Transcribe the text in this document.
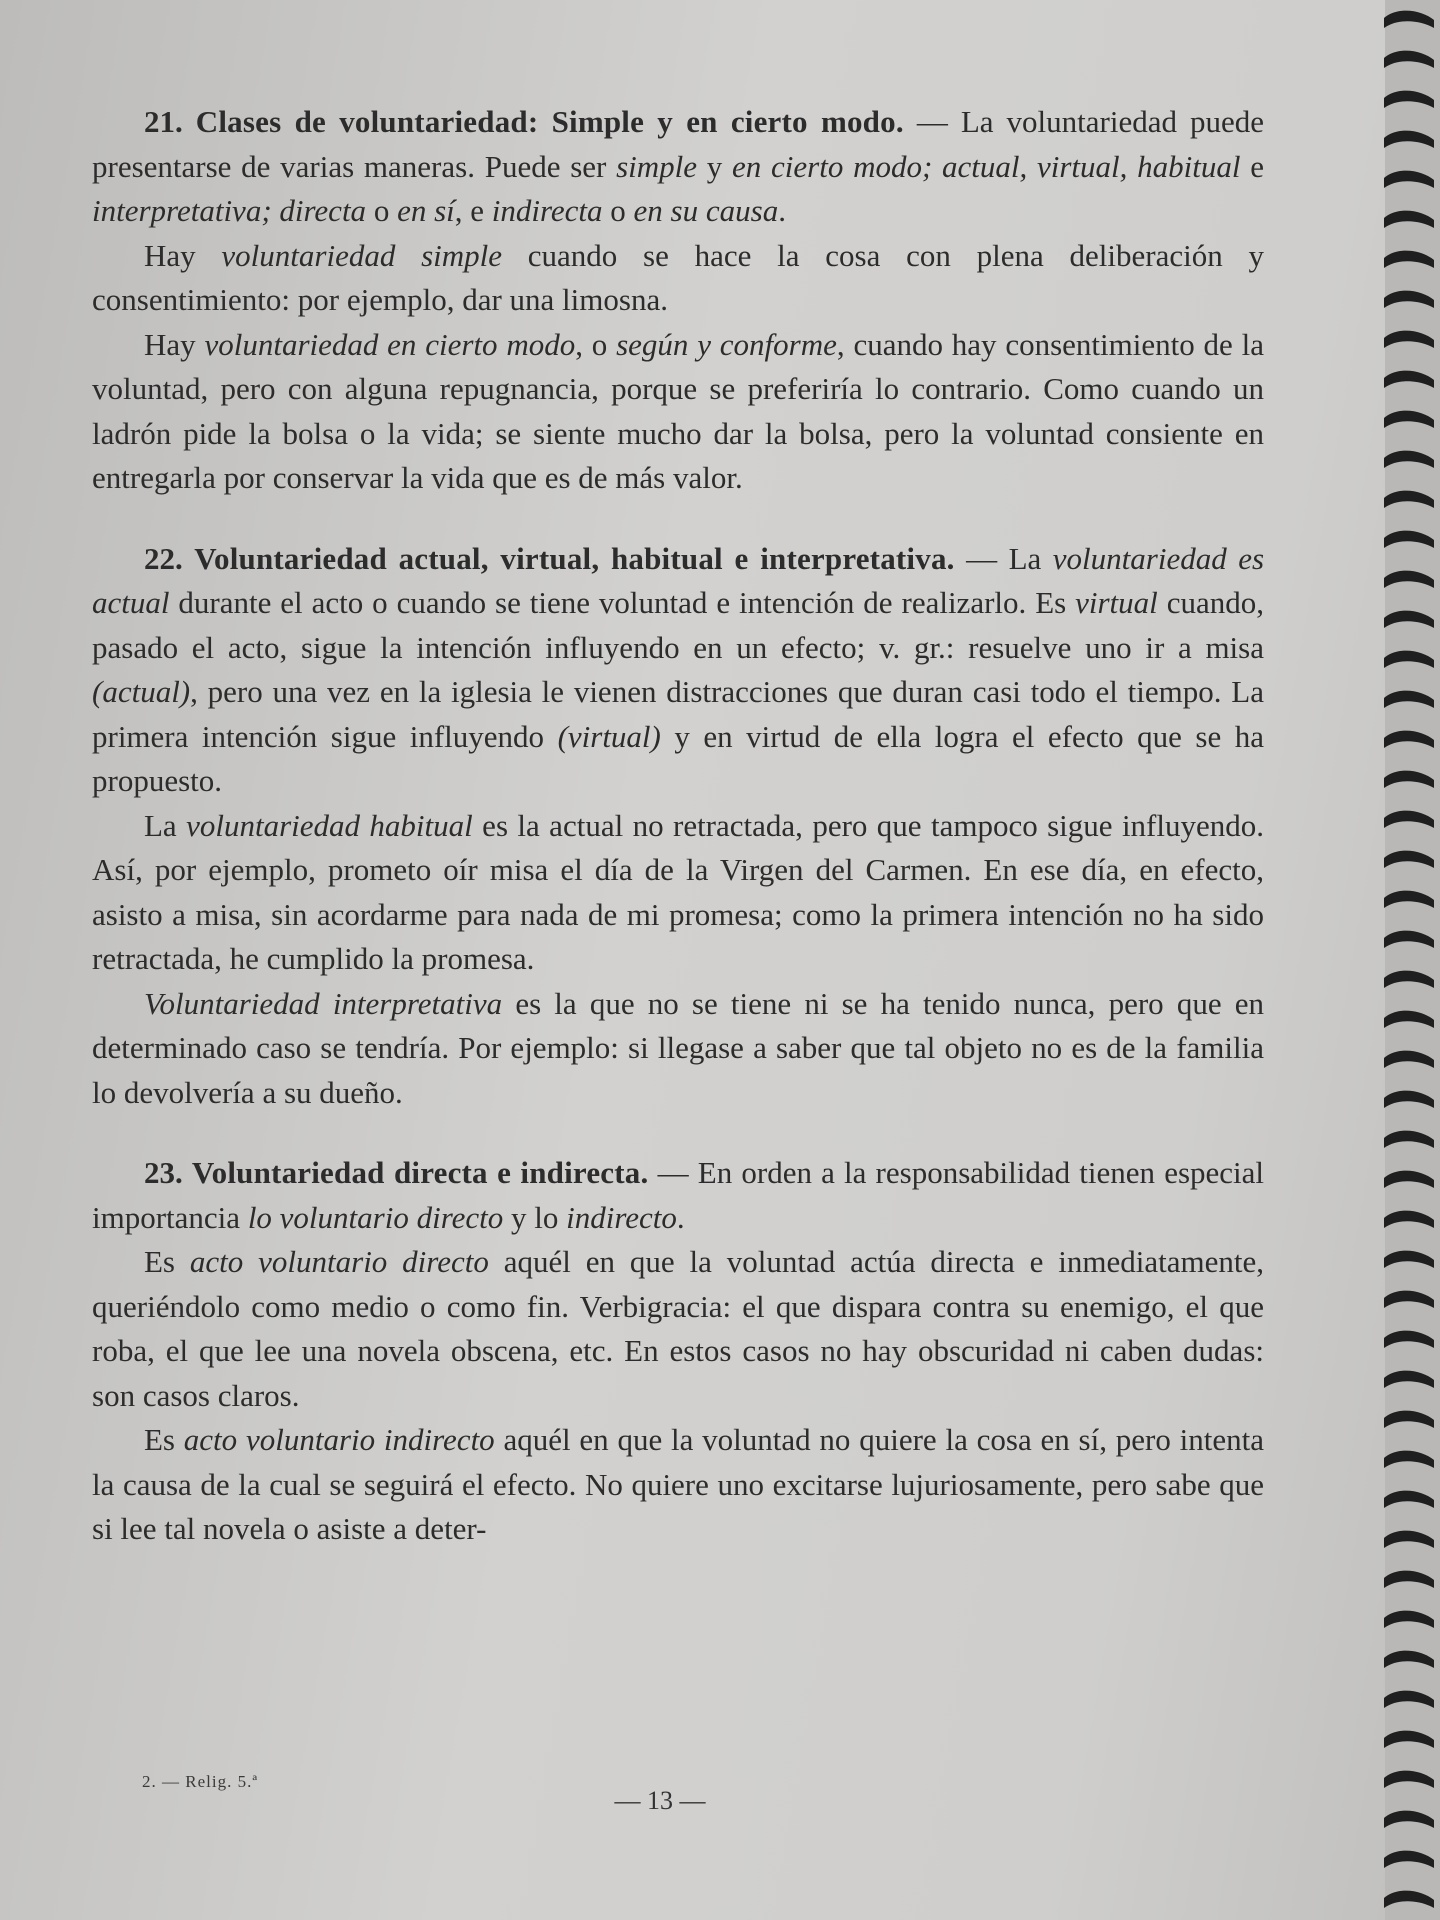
21. Clases de voluntariedad: Simple y en cierto modo. — La voluntariedad puede presentarse de varias maneras. Puede ser simple y en cierto modo; actual, virtual, habitual e interpretativa; directa o en sí, e indirecta o en su causa.

Hay voluntariedad simple cuando se hace la cosa con plena deliberación y consentimiento: por ejemplo, dar una limosna.

Hay voluntariedad en cierto modo, o según y conforme, cuando hay consentimiento de la voluntad, pero con alguna repugnancia, porque se preferiría lo contrario. Como cuando un ladrón pide la bolsa o la vida; se siente mucho dar la bolsa, pero la voluntad consiente en entregarla por conservar la vida que es de más valor.

22. Voluntariedad actual, virtual, habitual e interpretativa. — La voluntariedad es actual durante el acto o cuando se tiene voluntad e intención de realizarlo. Es virtual cuando, pasado el acto, sigue la intención influyendo en un efecto; v. gr.: resuelve uno ir a misa (actual), pero una vez en la iglesia le vienen distracciones que duran casi todo el tiempo. La primera intención sigue influyendo (virtual) y en virtud de ella logra el efecto que se ha propuesto.

La voluntariedad habitual es la actual no retractada, pero que tampoco sigue influyendo. Así, por ejemplo, prometo oír misa el día de la Virgen del Carmen. En ese día, en efecto, asisto a misa, sin acordarme para nada de mi promesa; como la primera intención no ha sido retractada, he cumplido la promesa.

Voluntariedad interpretativa es la que no se tiene ni se ha tenido nunca, pero que en determinado caso se tendría. Por ejemplo: si llegase a saber que tal objeto no es de la familia lo devolvería a su dueño.

23. Voluntariedad directa e indirecta. — En orden a la responsabilidad tienen especial importancia lo voluntario directo y lo indirecto.

Es acto voluntario directo aquél en que la voluntad actúa directa e inmediatamente, queriéndolo como medio o como fin. Verbigracia: el que dispara contra su enemigo, el que roba, el que lee una novela obscena, etc. En estos casos no hay obscuridad ni caben dudas: son casos claros.

Es acto voluntario indirecto aquél en que la voluntad no quiere la cosa en sí, pero intenta la causa de la cual se seguirá el efecto. No quiere uno excitarse lujuriosamente, pero sabe que si lee tal novela o asiste a deter-

2. — Relig. 5.ª
— 13 —
